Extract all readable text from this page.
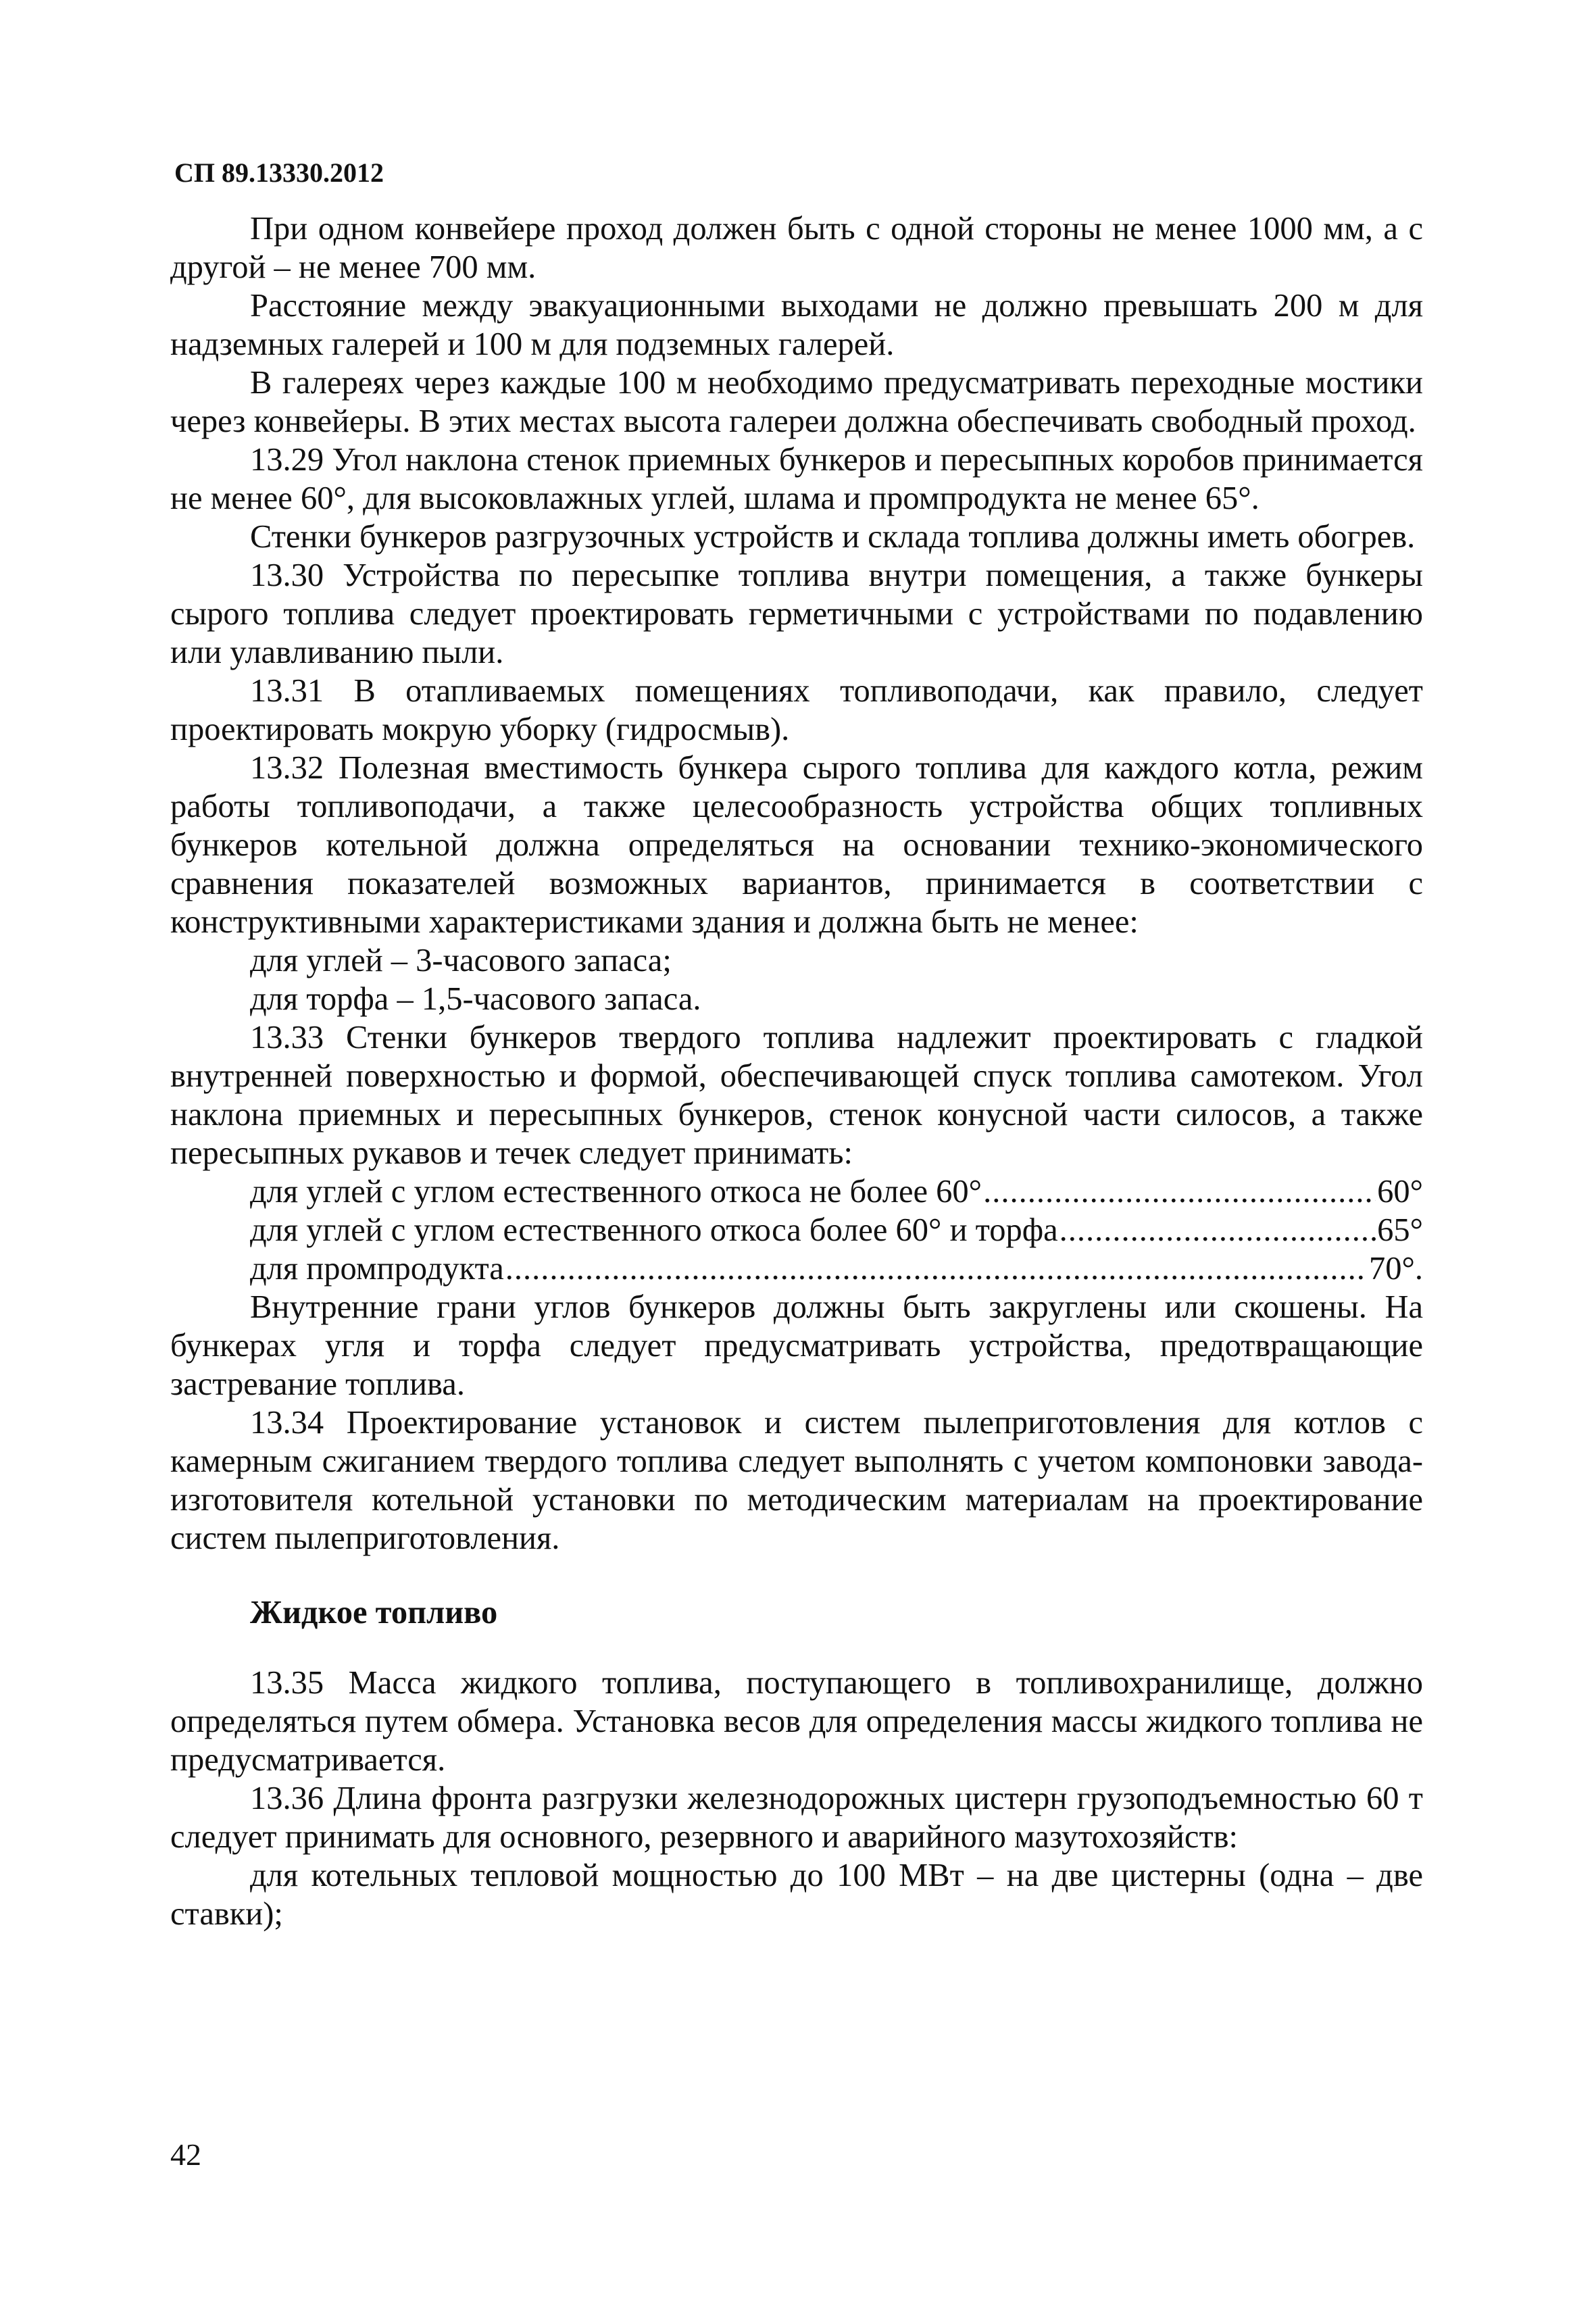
СП 89.13330.2012

При одном конвейере проход должен быть с одной стороны не менее 1000 мм, а с другой – не менее 700 мм.

Расстояние между эвакуационными выходами не должно превышать 200 м для надземных галерей и 100 м для подземных галерей.

В галереях через каждые 100 м необходимо предусматривать переходные мостики через конвейеры. В этих местах высота галереи должна обеспечивать свободный проход.

13.29 Угол наклона стенок приемных бункеров и пересыпных коробов принимается не менее 60°, для высоковлажных углей, шлама и промпродукта не менее 65°.

Стенки бункеров разгрузочных устройств и склада топлива должны иметь обогрев.

13.30 Устройства по пересыпке топлива внутри помещения, а также бункеры сырого топлива следует проектировать герметичными с устройствами по подавлению или улавливанию пыли.

13.31 В отапливаемых помещениях топливоподачи, как правило, следует проектировать мокрую уборку (гидросмыв).

13.32 Полезная вместимость бункера сырого топлива для каждого котла, режим работы топливоподачи, а также целесообразность устройства общих топливных бункеров котельной должна определяться на основании технико-экономического сравнения показателей возможных вариантов, принимается в соответствии с конструктивными характеристиками здания и должна быть не менее:

для углей – 3-часового запаса;

для торфа – 1,5-часового запаса.

13.33 Стенки бункеров твердого топлива надлежит проектировать с гладкой внутренней поверхностью и формой, обеспечивающей спуск топлива самотеком. Угол наклона приемных и пересыпных бункеров, стенок конусной части силосов, а также пересыпных рукавов и течек следует принимать:

для углей с углом естественного откоса не более 60° .....	60°
для углей с углом естественного откоса более 60° и торфа .....	65°
для промпродукта .....	70°.

Внутренние грани углов бункеров должны быть закруглены или скошены. На бункерах угля и торфа следует предусматривать устройства, предотвращающие застревание топлива.

13.34 Проектирование установок и систем пылеприготовления для котлов с камерным сжиганием твердого топлива следует выполнять с учетом компоновки завода-изготовителя котельной установки по методическим материалам на проектирование систем пылеприготовления.

Жидкое топливо

13.35 Масса жидкого топлива, поступающего в топливохранилище, должно определяться путем обмера. Установка весов для определения массы жидкого топлива не предусматривается.

13.36 Длина фронта разгрузки железнодорожных цистерн грузоподъемностью 60 т следует принимать для основного, резервного и аварийного мазутохозяйств:

для котельных тепловой мощностью до 100 МВт – на две цистерны (одна – две ставки);

42
